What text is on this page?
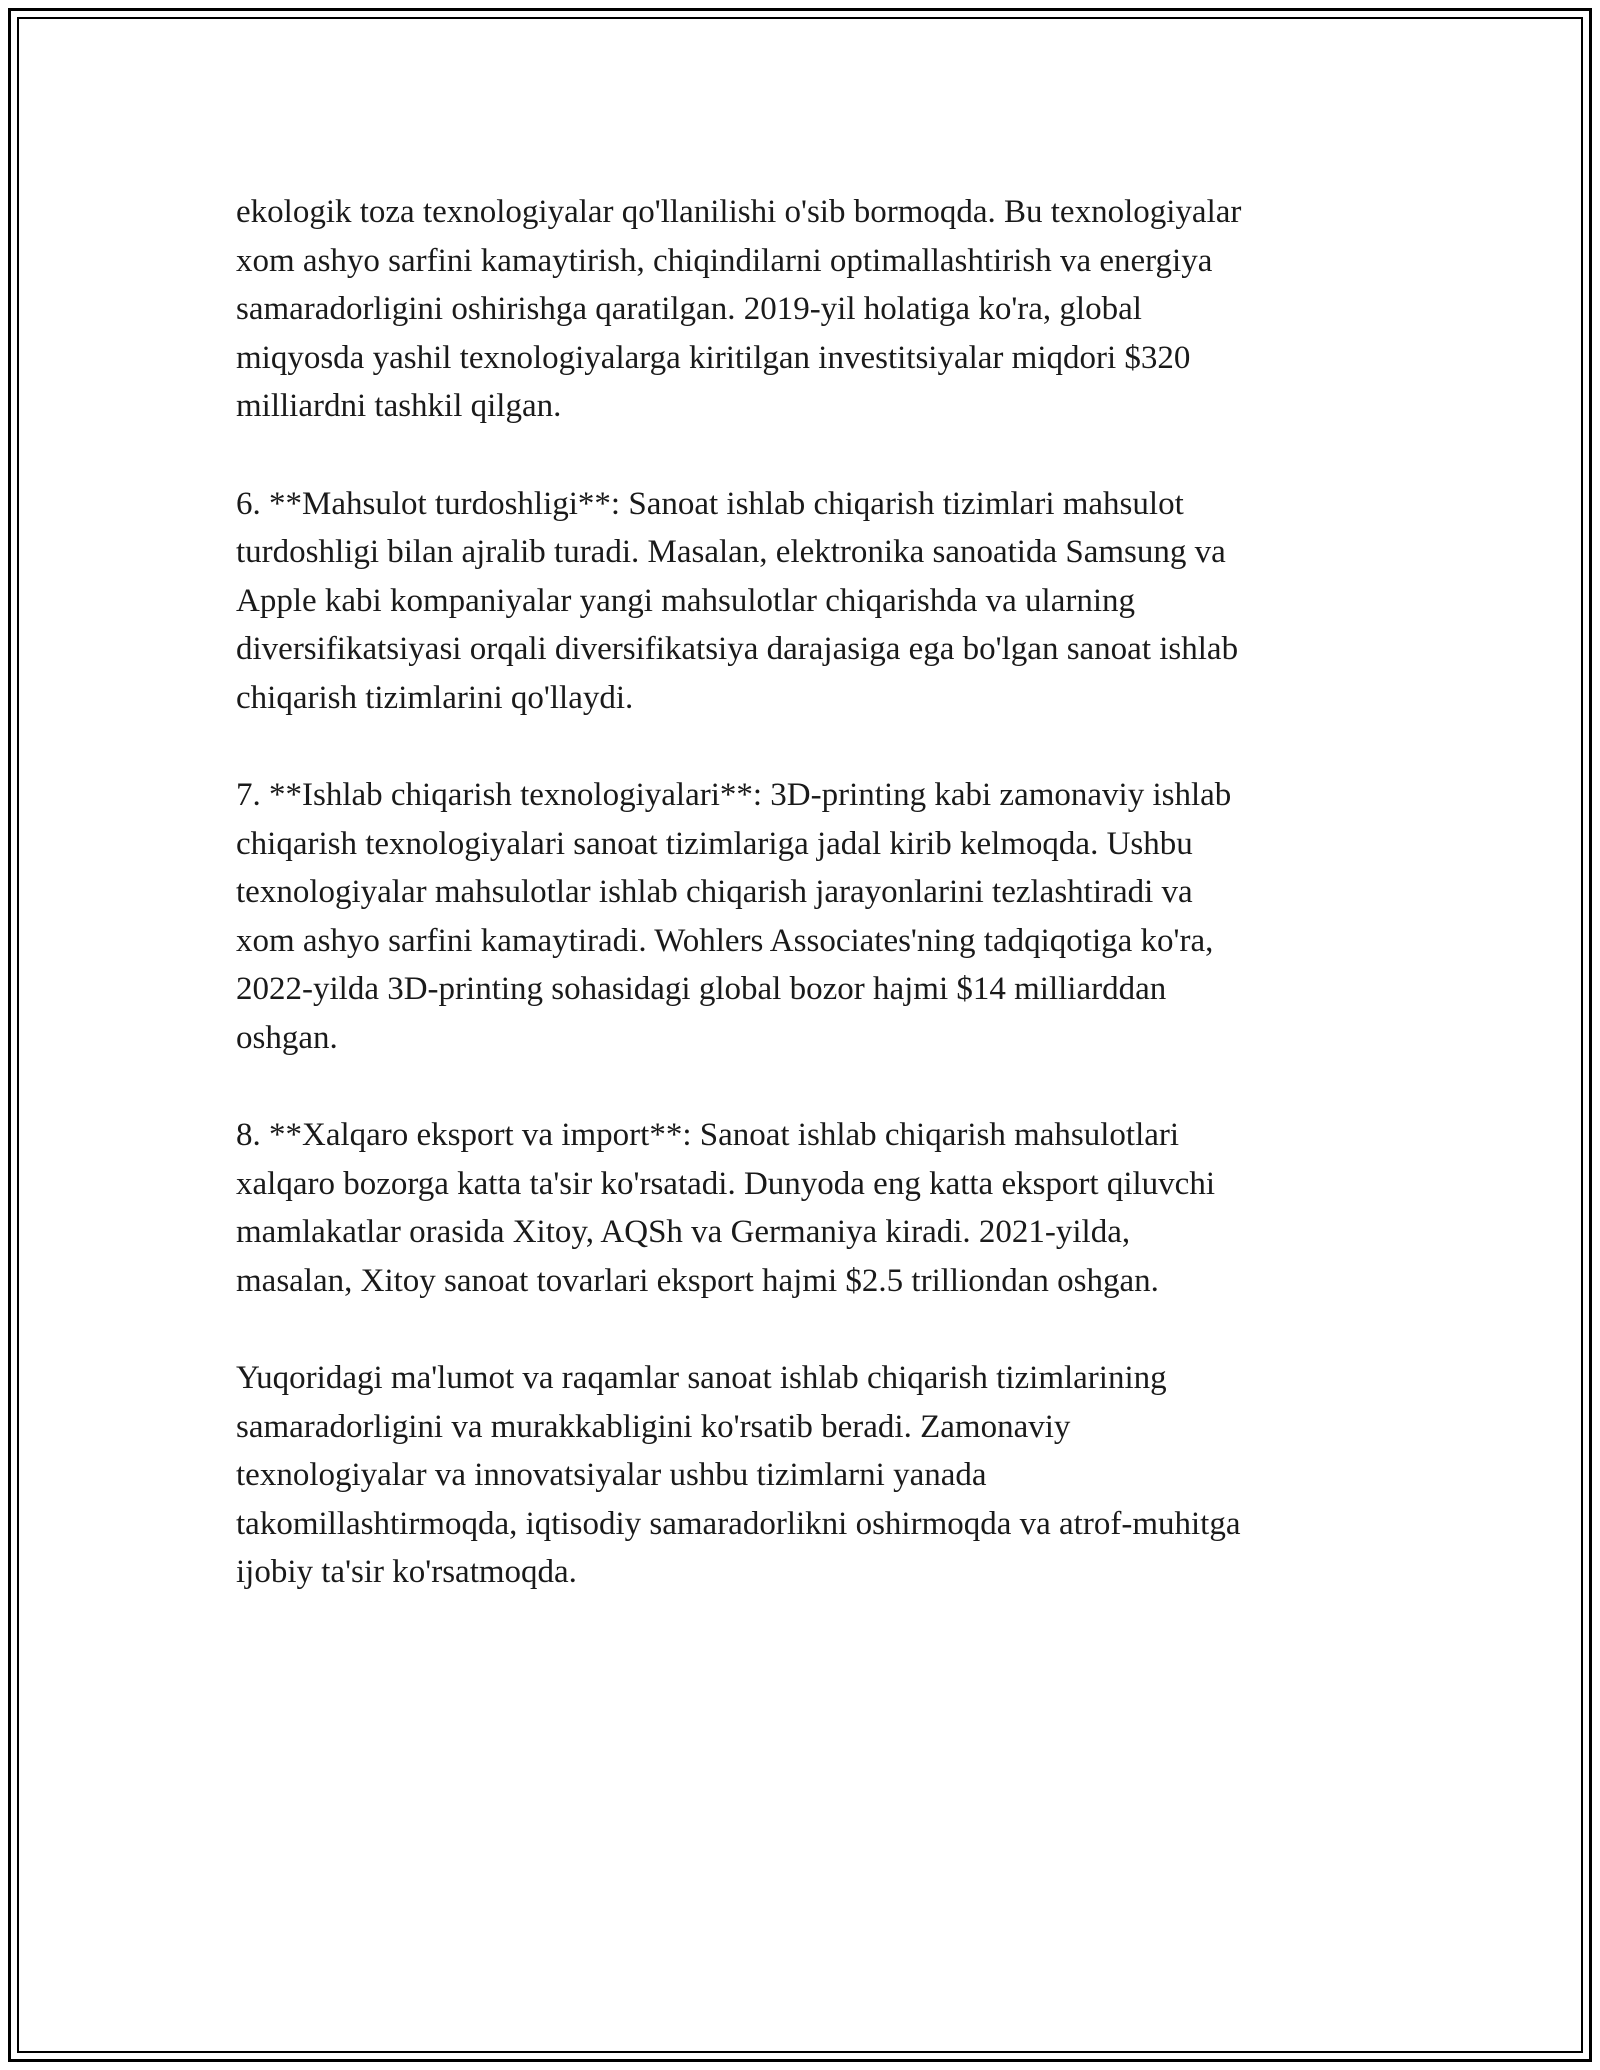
ekologik toza texnologiyalar qo'llanilishi o'sib bormoqda. Bu texnologiyalar
xom ashyo sarfini kamaytirish, chiqindilarni optimallashtirish va energiya
samaradorligini oshirishga qaratilgan. 2019-yil holatiga ko'ra, global
miqyosda yashil texnologiyalarga kiritilgan investitsiyalar miqdori $320
milliardni tashkil qilgan.

6. **Mahsulot turdoshligi**: Sanoat ishlab chiqarish tizimlari mahsulot
turdoshligi bilan ajralib turadi. Masalan, elektronika sanoatida Samsung va
Apple kabi kompaniyalar yangi mahsulotlar chiqarishda va ularning
diversifikatsiyasi orqali diversifikatsiya darajasiga ega bo'lgan sanoat ishlab
chiqarish tizimlarini qo'llaydi.

7. **Ishlab chiqarish texnologiyalari**: 3D-printing kabi zamonaviy ishlab
chiqarish texnologiyalari sanoat tizimlariga jadal kirib kelmoqda. Ushbu
texnologiyalar mahsulotlar ishlab chiqarish jarayonlarini tezlashtiradi va
xom ashyo sarfini kamaytiradi. Wohlers Associates'ning tadqiqotiga ko'ra,
2022-yilda 3D-printing sohasidagi global bozor hajmi $14 milliarddan
oshgan.

8. **Xalqaro eksport va import**: Sanoat ishlab chiqarish mahsulotlari
xalqaro bozorga katta ta'sir ko'rsatadi. Dunyoda eng katta eksport qiluvchi
mamlakatlar orasida Xitoy, AQSh va Germaniya kiradi. 2021-yilda,
masalan, Xitoy sanoat tovarlari eksport hajmi $2.5 trilliondan oshgan.

Yuqoridagi ma'lumot va raqamlar sanoat ishlab chiqarish tizimlarining
samaradorligini va murakkabligini ko'rsatib beradi. Zamonaviy
texnologiyalar va innovatsiyalar ushbu tizimlarni yanada
takomillashtirmoqda, iqtisodiy samaradorlikni oshirmoqda va atrof-muhitga
ijobiy ta'sir ko'rsatmoqda.
